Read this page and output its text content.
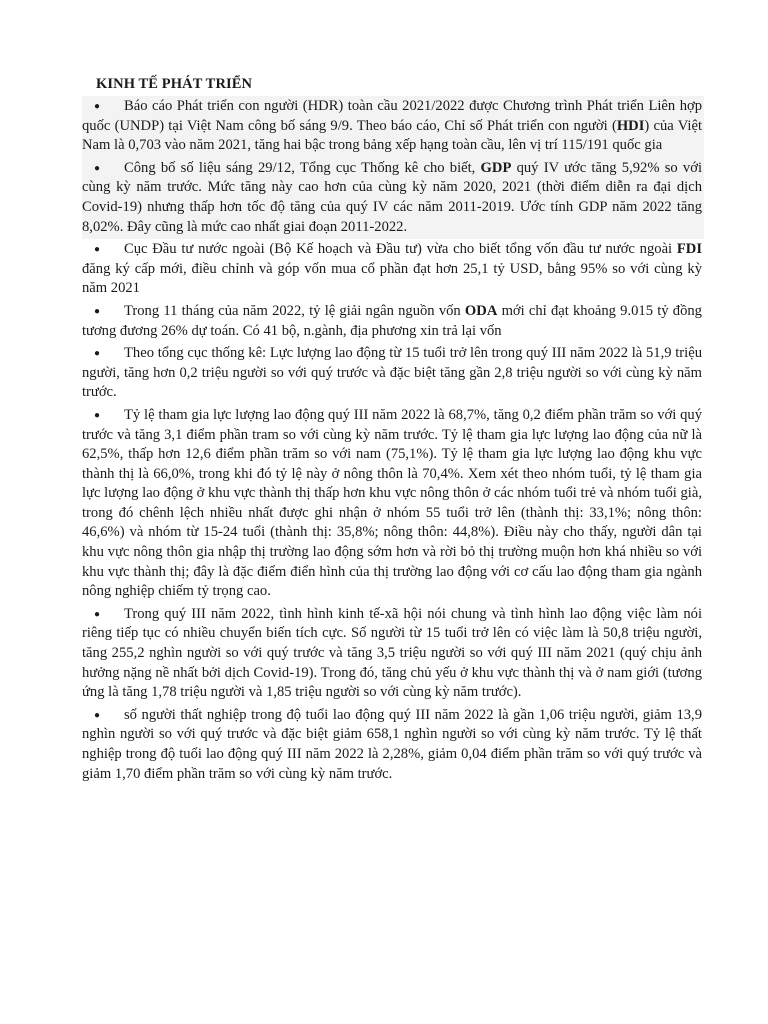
KINH TẾ PHÁT TRIỂN

● Báo cáo Phát triển con người (HDR) toàn cầu 2021/2022 được Chương trình Phát triển Liên hợp quốc (UNDP) tại Việt Nam công bố sáng 9/9. Theo báo cáo, Chỉ số Phát triển con người (HDI) của Việt Nam là 0,703 vào năm 2021, tăng hai bậc trong bảng xếp hạng toàn cầu, lên vị trí 115/191 quốc gia

● Công bố số liệu sáng 29/12, Tổng cục Thống kê cho biết, GDP quý IV ước tăng 5,92% so với cùng kỳ năm trước. Mức tăng này cao hơn của cùng kỳ năm 2020, 2021 (thời điểm diễn ra đại dịch Covid-19) nhưng thấp hơn tốc độ tăng của quý IV các năm 2011-2019. Ước tính GDP năm 2022 tăng 8,02%. Đây cũng là mức cao nhất giai đoạn 2011-2022.

● Cục Đầu tư nước ngoài (Bộ Kế hoạch và Đầu tư) vừa cho biết tổng vốn đầu tư nước ngoài FDI đăng ký cấp mới, điều chỉnh và góp vốn mua cổ phần đạt hơn 25,1 tỷ USD, bằng 95% so với cùng kỳ năm 2021

● Trong 11 tháng của năm 2022, tỷ lệ giải ngân nguồn vốn ODA mới chỉ đạt khoảng 9.015 tỷ đồng tương đương 26% dự toán. Có 41 bộ, n.gành, địa phương xin trả lại vốn

● Theo tổng cục thống kê: Lực lượng lao động từ 15 tuổi trở lên trong quý III năm 2022 là 51,9 triệu người, tăng hơn 0,2 triệu người so với quý trước và đặc biệt tăng gần 2,8 triệu người so với cùng kỳ năm trước.

● Tỷ lệ tham gia lực lượng lao động quý III năm 2022 là 68,7%, tăng 0,2 điểm phần trăm so với quý trước và tăng 3,1 điểm phần tram so với cùng kỳ năm trước. Tỷ lệ tham gia lực lượng lao động của nữ là 62,5%, thấp hơn 12,6 điểm phần trăm so với nam (75,1%). Tỷ lệ tham gia lực lượng lao động khu vực thành thị là 66,0%, trong khi đó tỷ lệ này ở nông thôn là 70,4%. Xem xét theo nhóm tuổi, tỷ lệ tham gia lực lượng lao động ở khu vực thành thị thấp hơn khu vực nông thôn ở các nhóm tuổi trẻ và nhóm tuổi già, trong đó chênh lệch nhiều nhất được ghi nhận ở nhóm 55 tuổi trở lên (thành thị: 33,1%; nông thôn: 46,6%) và nhóm từ 15-24 tuổi (thành thị: 35,8%; nông thôn: 44,8%). Điều này cho thấy, người dân tại khu vực nông thôn gia nhập thị trường lao động sớm hơn và rời bỏ thị trường muộn hơn khá nhiều so với khu vực thành thị; đây là đặc điểm điển hình của thị trường lao động với cơ cấu lao động tham gia ngành nông nghiệp chiếm tỷ trọng cao.

● Trong quý III năm 2022, tình hình kinh tế-xã hội nói chung và tình hình lao động việc làm nói riêng tiếp tục có nhiều chuyển biến tích cực. Số người từ 15 tuổi trở lên có việc làm là 50,8 triệu người, tăng 255,2 nghìn người so với quý trước và tăng 3,5 triệu người so với quý III năm 2021 (quý chịu ảnh hưởng nặng nề nhất bởi dịch Covid-19). Trong đó, tăng chủ yếu ở khu vực thành thị và ở nam giới (tương ứng là tăng 1,78 triệu người và 1,85 triệu người so với cùng kỳ năm trước).

● số người thất nghiệp trong độ tuổi lao động quý III năm 2022 là gần 1,06 triệu người, giảm 13,9 nghìn người so với quý trước và đặc biệt giảm 658,1 nghìn người so với cùng kỳ năm trước. Tỷ lệ thất nghiệp trong độ tuổi lao động quý III năm 2022 là 2,28%, giảm 0,04 điểm phần trăm so với quý trước và giảm 1,70 điểm phần trăm so với cùng kỳ năm trước.
